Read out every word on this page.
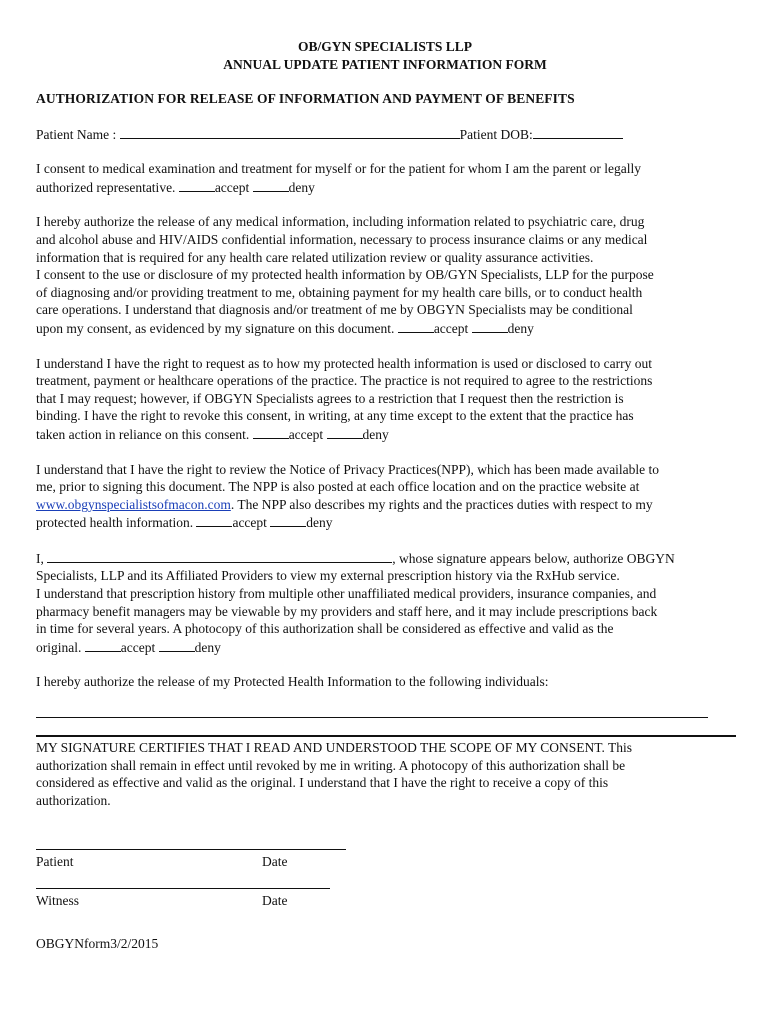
OB/GYN SPECIALISTS LLP
ANNUAL UPDATE PATIENT INFORMATION FORM
AUTHORIZATION FOR RELEASE OF INFORMATION AND PAYMENT OF BENEFITS

Patient Name :	Patient DOB:

I consent to medical examination and treatment for myself or for the patient for whom I am the parent or legally

authorized representative.	accept	deny

I hereby authorize the release of any medical information, including information related to psychiatric care, drug

and alcohol abuse and HIV/AIDS confidential information, necessary to process insurance claims or any medical

information that is required for any health care related utilization review or quality assurance activities.

I consent to the use or disclosure of my protected health information by OB/GYN Specialists, LLP for the purpose

of diagnosing and/or providing treatment to me, obtaining payment for my health care bills, or to conduct health

care operations. I understand that diagnosis and/or treatment of me by OBGYN Specialists may be conditional

upon my consent, as evidenced by my signature on this document.	accept	deny

I understand I have the right to request as to how my protected health information is used or disclosed to carry out

treatment, payment or healthcare operations of the practice. The practice is not required to agree to the restrictions

that I may request; however, if OBGYN Specialists agrees to a restriction that I request then the restriction is

binding. I have the right to revoke this consent, in writing, at any time except to the extent that the practice has

taken action in reliance on this consent.	accept	deny

I understand that I have the right to review the Notice of Privacy Practices(NPP), which has been made available to

me, prior to signing this document. The NPP is also posted at each office location and on the practice website at

www.obgynspecialistsofmacon.com. The NPP also describes my rights and the practices duties with respect to my

protected health information.	accept	deny

I,	, whose signature appears below, authorize OBGYN

Specialists, LLP and its Affiliated Providers to view my external prescription history via the RxHub service.

I understand that prescription history from multiple other unaffiliated medical providers, insurance companies, and

pharmacy benefit managers may be viewable by my providers and staff here, and it may include prescriptions back

in time for several years. A photocopy of this authorization shall be considered as effective and valid as the

original.	accept	deny

I hereby authorize the release of my Protected Health Information to the following individuals:

MY SIGNATURE CERTIFIES THAT I READ AND UNDERSTOOD THE SCOPE OF MY CONSENT. This

authorization shall remain in effect until revoked by me in writing. A photocopy of this authorization shall be

considered as effective and valid as the original. I understand that I have the right to receive a copy of this

authorization.

Patient	Date
Witness	Date

OBGYNform3/2/2015
